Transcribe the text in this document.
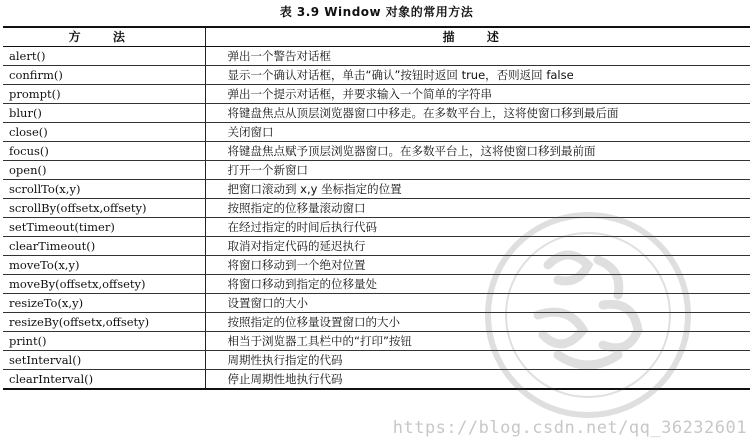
表 3.9 Window 对象的常用方法
方 法	描 述
alert()	弹出一个警告对话框
confirm()	显示一个确认对话框，单击“确认”按钮时返回 true，否则返回 false
prompt()	弹出一个提示对话框，并要求输入一个简单的字符串
blur()	将键盘焦点从顶层浏览器窗口中移走。在多数平台上，这将使窗口移到最后面
close()	关闭窗口
focus()	将键盘焦点赋予顶层浏览器窗口。在多数平台上，这将使窗口移到最前面
open()	打开一个新窗口
scrollTo(x,y)	把窗口滚动到 x,y 坐标指定的位置
scrollBy(offsetx,offsety)	按照指定的位移量滚动窗口
setTimeout(timer)	在经过指定的时间后执行代码
clearTimeout()	取消对指定代码的延迟执行
moveTo(x,y)	将窗口移动到一个绝对位置
moveBy(offsetx,offsety)	将窗口移动到指定的位移量处
resizeTo(x,y)	设置窗口的大小
resizeBy(offsetx,offsety)	按照指定的位移量设置窗口的大小
print()	相当于浏览器工具栏中的“打印”按钮
setInterval()	周期性执行指定的代码
clearInterval()	停止周期性地执行代码
https://blog.csdn.net/qq_36232601
